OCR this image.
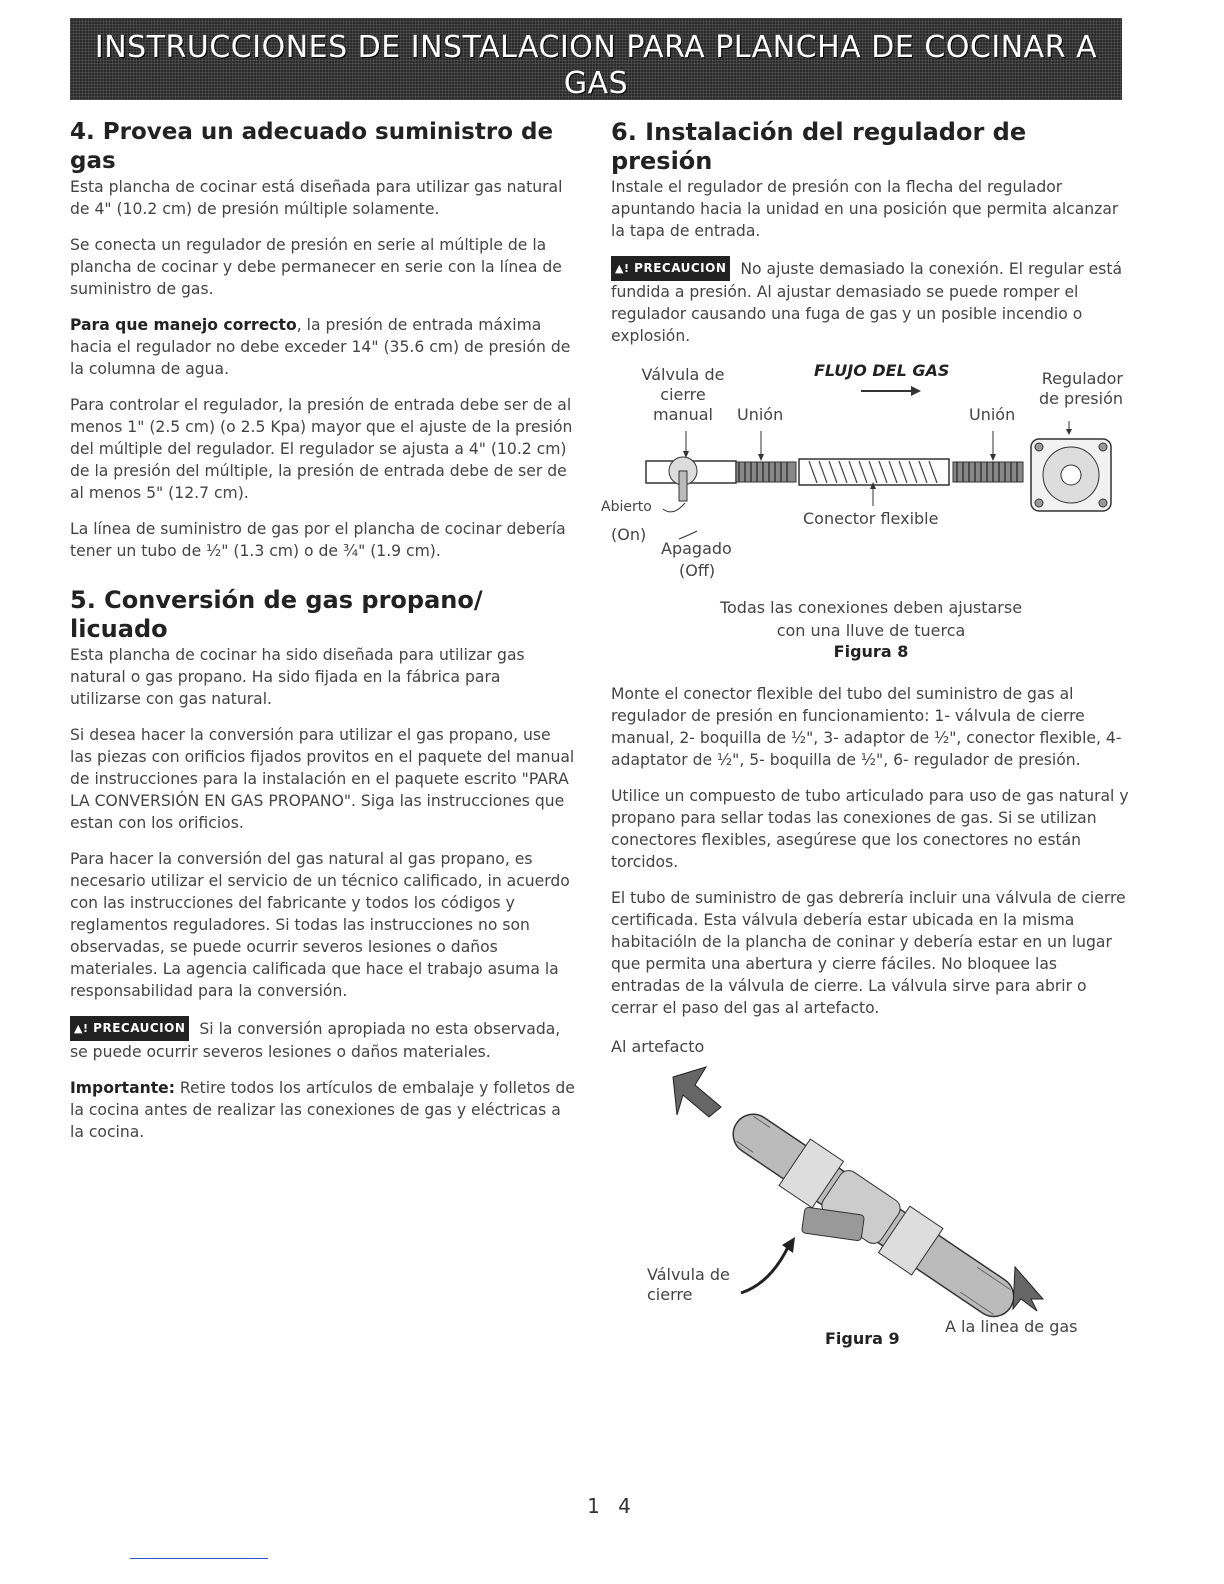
INSTRUCCIONES DE INSTALACION PARA PLANCHA DE COCINAR A GAS
(Modelos con un horno eléctrico empotrado facultativo)
4. Provea un adecuado suministro de gas

Esta plancha de cocinar está diseñada para utilizar gas natural de 4" (10.2 cm) de presión múltiple solamente.

Se conecta un regulador de presión en serie al múltiple de la plancha de cocinar y debe permanecer en serie con la línea de suministro de gas.

Para que manejo correcto, la presión de entrada máxima hacia el regulador no debe exceder 14" (35.6 cm) de presión de la columna de agua.

Para controlar el regulador, la presión de entrada debe ser de al menos 1" (2.5 cm) (o 2.5 Kpa) mayor que el ajuste de la presión del múltiple del regulador. El regulador se ajusta a 4" (10.2 cm) de la presión del múltiple, la presión de entrada debe de ser de al menos 5" (12.7 cm).

La línea de suministro de gas por el plancha de cocinar debería tener un tubo de ½" (1.3 cm) o de ¾" (1.9 cm).

5. Conversión de gas propano/ licuado

Esta plancha de cocinar ha sido diseñada para utilizar gas natural o gas propano. Ha sido fijada en la fábrica para utilizarse con gas natural.

Si desea hacer la conversión para utilizar el gas propano, use las piezas con orificios fijados provitos en el paquete del manual de instrucciones para la instalación en el paquete escrito "PARA LA CONVERSIÓN EN GAS PROPANO". Siga las instrucciones que estan con los orificios.

Para hacer la conversión del gas natural al gas propano, es necesario utilizar el servicio de un técnico calificado, in acuerdo con las instrucciones del fabricante y todos los códigos y reglamentos reguladores. Si todas las instrucciones no son observadas, se puede ocurrir severos lesiones o daños materiales. La agencia calificada que hace el trabajo asuma la responsabilidad para la conversión.

▲! PRECAUCION Si la conversión apropiada no esta observada, se puede ocurrir severos lesiones o daños materiales.

Importante: Retire todos los artículos de embalaje y folletos de la cocina antes de realizar las conexiones de gas y eléctricas a la cocina.

6. Instalación del regulador de presión

Instale el regulador de presión con la flecha del regulador apuntando hacia la unidad en una posición que permita alcanzar la tapa de entrada.

▲! PRECAUCION No ajuste demasiado la conexión. El regular está fundida a presión. Al ajustar demasiado se puede romper el regulador causando una fuga de gas y un posible incendio o explosión.

Válvula de
cierre
manual	Unión
FLUJO DEL GAS
Unión
Regulador
de presión
Abierto
(On)
Apagado
(Off)
Conector flexible
Todas las conexiones deben ajustarse
con una lluve de tuerca
Figura 8

Monte el conector flexible del tubo del suministro de gas al regulador de presión en funcionamiento: 1- válvula de cierre manual, 2- boquilla de ½", 3- adaptor de ½", conector flexible, 4- adaptator de ½", 5- boquilla de ½", 6- regulador de presión.

Utilice un compuesto de tubo articulado para uso de gas natural y propano para sellar todas las conexiones de gas. Si se utilizan conectores flexibles, asegúrese que los conectores no están torcidos.

El tubo de suministro de gas debrería incluir una válvula de cierre certificada. Esta válvula debería estar ubicada en la misma habitacióln de la plancha de coninar y debería estar en un lugar que permita una abertura y cierre fáciles. No bloquee las entradas de la válvula de cierre. La válvula sirve para abrir o cerrar el paso del gas al artefacto.

Al artefacto
Válvula de
cierre
Figura 9
A la linea de gas
1 4
